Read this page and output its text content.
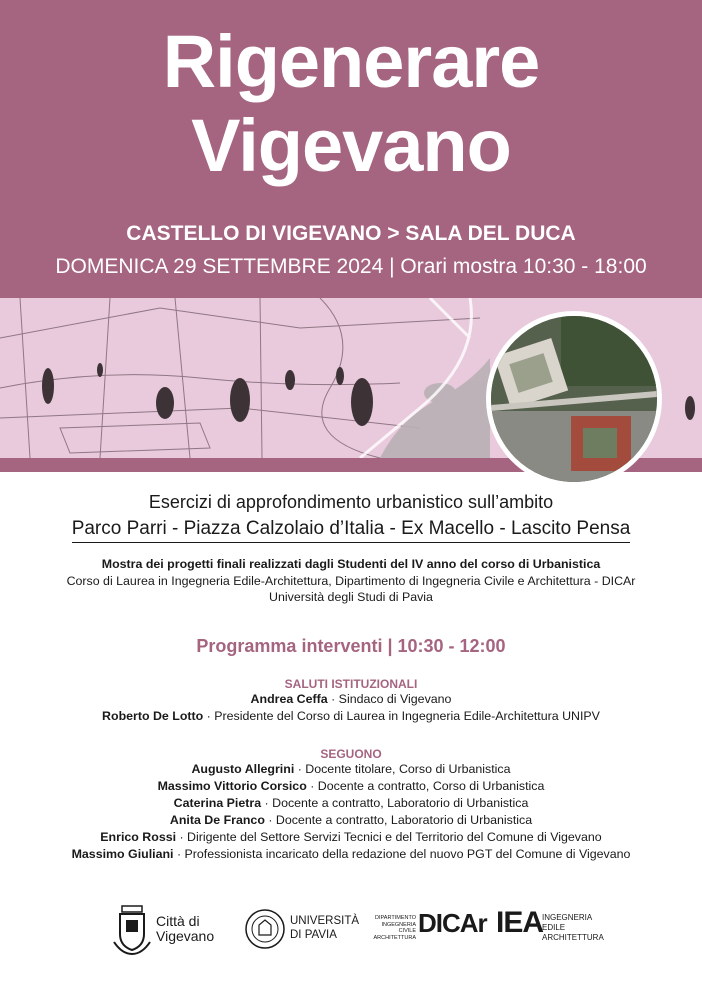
Rigenerare
Vigevano
CASTELLO DI VIGEVANO > SALA DEL DUCA
DOMENICA 29 SETTEMBRE 2024 | Orari mostra 10:30 - 18:00
Esercizi di approfondimento urbanistico sull’ambito
Parco Parri - Piazza Calzolaio d’Italia - Ex Macello - Lascito Pensa
Mostra dei progetti finali realizzati dagli Studenti del IV anno del corso di Urbanistica
Corso di Laurea in Ingegneria Edile-Architettura, Dipartimento di Ingegneria Civile e Architettura - DICAr
Università degli Studi di Pavia
Programma interventi | 10:30 - 12:00
SALUTI ISTITUZIONALI
Andrea Ceffa · Sindaco di Vigevano
Roberto De Lotto · Presidente del Corso di Laurea in Ingegneria Edile-Architettura UNIPV
SEGUONO
Augusto Allegrini · Docente titolare, Corso di Urbanistica
Massimo Vittorio Corsico · Docente a contratto, Corso di Urbanistica
Caterina Pietra · Docente a contratto, Laboratorio di Urbanistica
Anita De Franco · Docente a contratto, Laboratorio di Urbanistica
Enrico Rossi · Dirigente del Settore Servizi Tecnici e del Territorio del Comune di Vigevano
Massimo Giuliani · Professionista incaricato della redazione del nuovo PGT del Comune di Vigevano
Città di
Vigevano
UNIVERSITÀ
DI PAVIA
DIPARTIMENTO INGEGNERIA CIVILE ARCHITETTURA DICAr IEA
INGEGNERIA
EDILE
ARCHITETTURA
